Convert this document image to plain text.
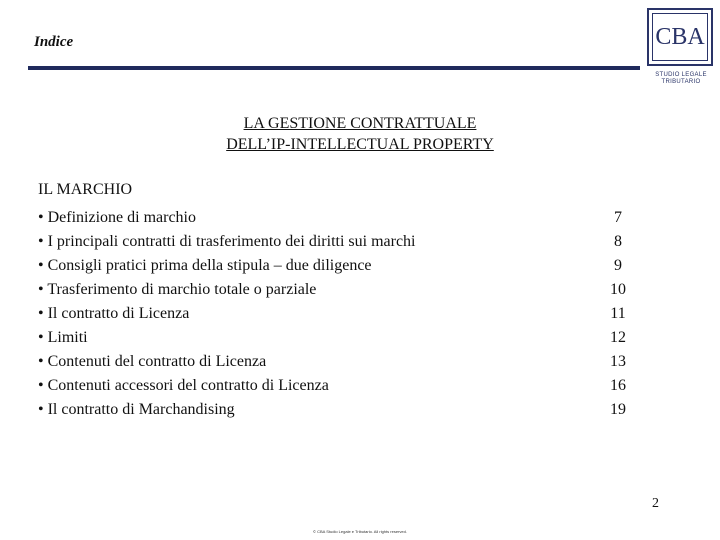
Indice	CBA
STUDIO LEGALE TRIBUTARIO
LA GESTIONE CONTRATTUALE
DELL’IP-INTELLECTUAL PROPERTY
IL MARCHIO
• Definizione di marchio	7
• I principali contratti di trasferimento dei diritti sui marchi	8
• Consigli pratici prima della stipula – due diligence	9
• Trasferimento di marchio totale o parziale	10
• Il contratto di Licenza	11
• Limiti	12
• Contenuti del contratto di Licenza	13
• Contenuti accessori del contratto di Licenza	16
• Il contratto di Marchandising	19
2
© CBA Studio Legale e Tributario. All rights reserved.
